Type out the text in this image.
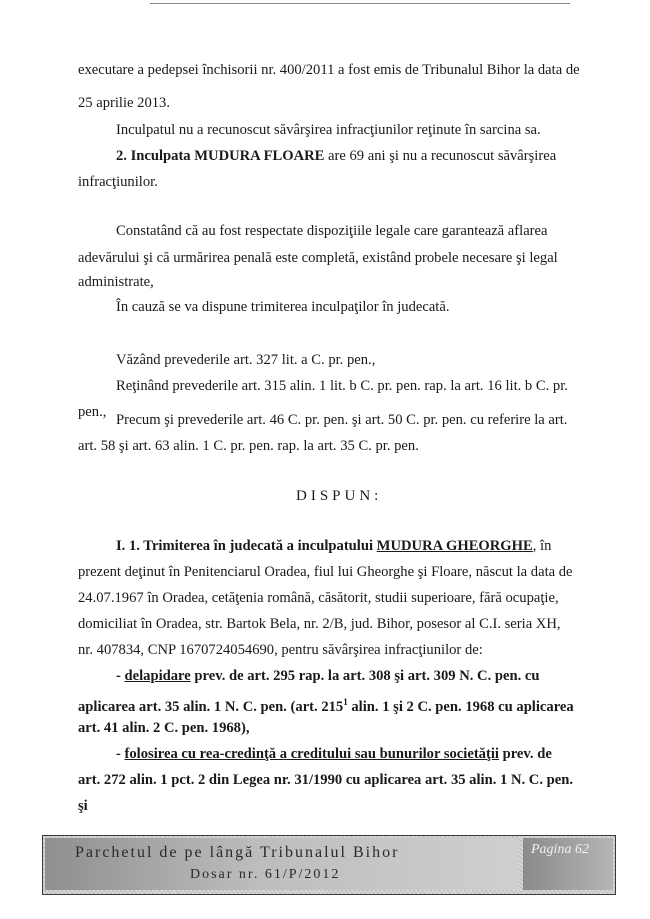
executare a pedepsei închisorii nr. 400/2011 a fost emis de Tribunalul Bihor la data de
25 aprilie 2013.
Inculpatul nu a recunoscut săvârşirea infracţiunilor reţinute în sarcina sa.
2. Inculpata MUDURA FLOARE are 69 ani şi nu a recunoscut săvârşirea
infracţiunilor.
Constatând că au fost respectate dispoziţiile legale care garantează aflarea
adevărului şi că urmărirea penală este completă, existând probele necesare şi legal
administrate,
În cauză se va dispune trimiterea inculpaţilor în judecată.
Văzând prevederile art. 327 lit. a C. pr. pen.,
Reţinând prevederile art. 315 alin. 1 lit. b C. pr. pen. rap. la art. 16 lit. b C. pr.
pen., Precum şi prevederile art. 46 C. pr. pen. şi art. 50 C. pr. pen. cu referire la art.
art. 58 şi art. 63 alin. 1 C. pr. pen. rap. la art. 35 C. pr. pen.
DISPUN:
I. 1. Trimiterea în judecată a inculpatului MUDURA GHEORGHE, în
prezent deţinut în Penitenciarul Oradea, fiul lui Gheorghe şi Floare, născut la data de
24.07.1967 în Oradea, cetăţenia română, căsătorit, studii superioare, fără ocupaţie,
domiciliat în Oradea, str. Bartok Bela, nr. 2/B, jud. Bihor, posesor al C.I. seria XH,
nr. 407834, CNP 1670724054690, pentru săvârşirea infracţiunilor de:
- delapidare prev. de art. 295 rap. la art. 308 şi art. 309 N. C. pen. cu
aplicarea art. 35 alin. 1 N. C. pen. (art. $215^1$ alin. 1 şi 2 C. pen. 1968 cu aplicarea
art. 41 alin. 2 C. pen. 1968),
- folosirea cu rea-credinţă a creditului sau bunurilor societăţii prev. de
art. 272 alin. 1 pct. 2 din Legea nr. 31/1990 cu aplicarea art. 35 alin. 1 N. C. pen.
şi
Parchetul de pe lângă Tribunalul Bihor
Dosar nr. 61/P/2012
Pagina 62
